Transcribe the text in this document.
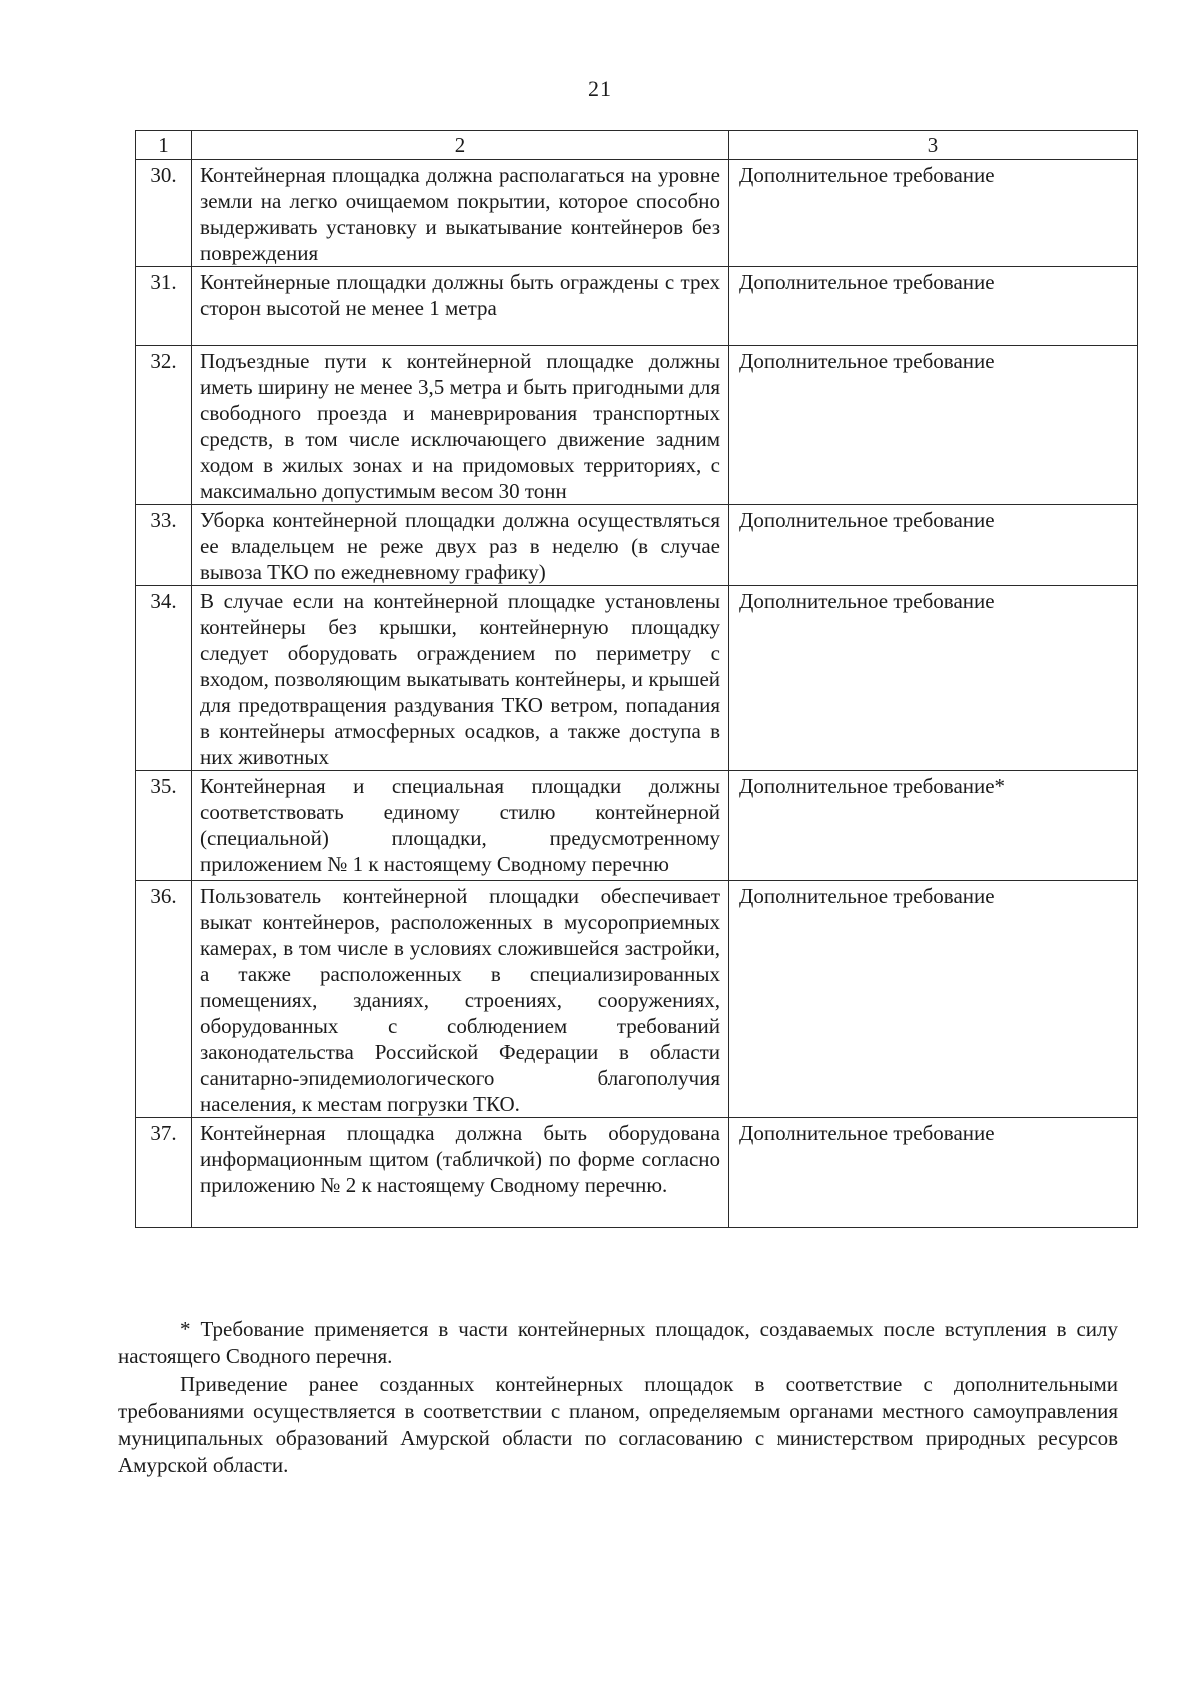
21
1	2	3
30.	Контейнерная площадка должна располагаться на уровне земли на легко очищаемом покрытии, которое способно выдерживать установку и выкатывание контейнеров без повреждения	Дополнительное требование
31.	Контейнерные площадки должны быть ограждены с трех сторон высотой не менее 1 метра	Дополнительное требование
32.	Подъездные пути к контейнерной площадке должны иметь ширину не менее 3,5 метра и быть пригодными для свободного проезда и маневрирования транспортных средств, в том числе исключающего движение задним ходом в жилых зонах и на придомовых территориях, с максимально допустимым весом 30 тонн	Дополнительное требование
33.	Уборка контейнерной площадки должна осуществляться ее владельцем не реже двух раз в неделю (в случае вывоза ТКО по ежедневному графику)	Дополнительное требование
34.	В случае если на контейнерной площадке установлены контейнеры без крышки, контейнерную площадку следует оборудовать ограждением по периметру с входом, позволяющим выкатывать контейнеры, и крышей для предотвращения раздувания ТКО ветром, попадания в контейнеры атмосферных осадков, а также доступа в них животных	Дополнительное требование
35.	Контейнерная и специальная площадки должны соответствовать единому стилю контейнерной (специальной) площадки, предусмотренному приложением № 1 к настоящему Сводному перечню	Дополнительное требование*
36.	Пользователь контейнерной площадки обеспечивает выкат контейнеров, расположенных в мусороприемных камерах, в том числе в условиях сложившейся застройки, а также расположенных в специализированных помещениях, зданиях, строениях, сооружениях, оборудованных с соблюдением требований законодательства Российской Федерации в области санитарно-эпидемиологического благополучия населения, к местам погрузки ТКО.	Дополнительное требование
37.	Контейнерная площадка должна быть оборудована информационным щитом (табличкой) по форме согласно приложению № 2 к настоящему Сводному перечню.	Дополнительное требование

* Требование применяется в части контейнерных площадок, создаваемых после вступления в силу настоящего Сводного перечня.

Приведение ранее созданных контейнерных площадок в соответствие с дополнительными требованиями осуществляется в соответствии с планом, определяемым органами местного самоуправления муниципальных образований Амурской области по согласованию с министерством природных ресурсов Амурской области.
